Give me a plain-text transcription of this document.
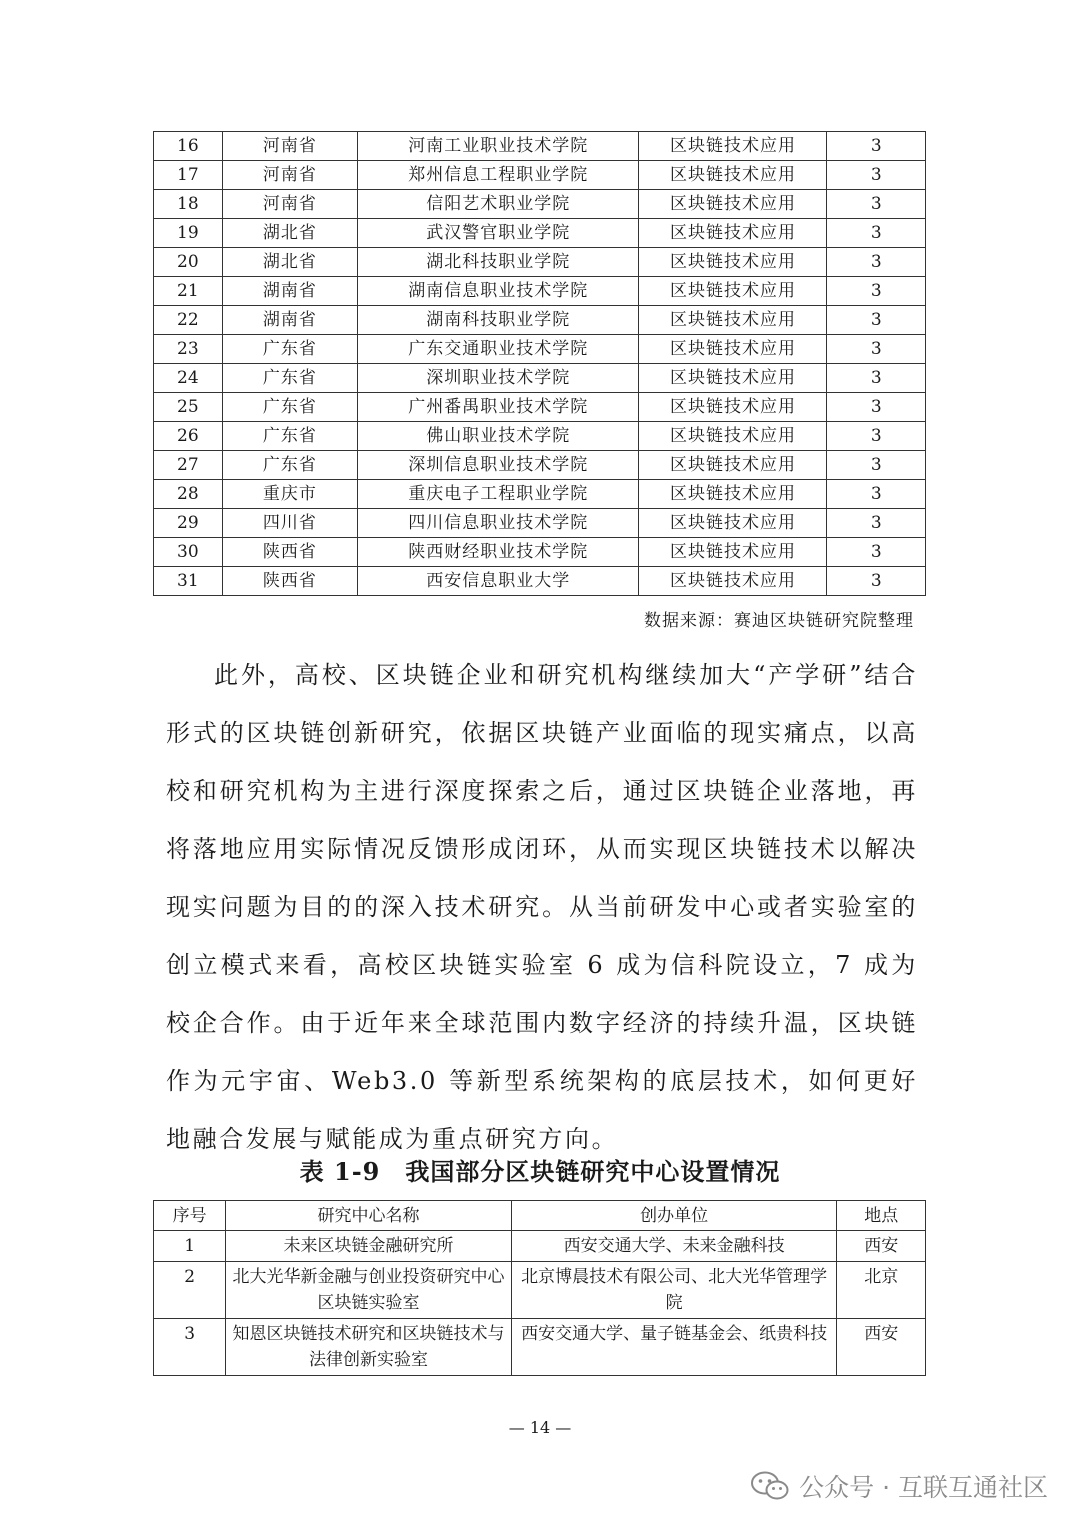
16	河南省	河南工业职业技术学院	区块链技术应用	3
17	河南省	郑州信息工程职业学院	区块链技术应用	3
18	河南省	信阳艺术职业学院	区块链技术应用	3
19	湖北省	武汉警官职业学院	区块链技术应用	3
20	湖北省	湖北科技职业学院	区块链技术应用	3
21	湖南省	湖南信息职业技术学院	区块链技术应用	3
22	湖南省	湖南科技职业学院	区块链技术应用	3
23	广东省	广东交通职业技术学院	区块链技术应用	3
24	广东省	深圳职业技术学院	区块链技术应用	3
25	广东省	广州番禺职业技术学院	区块链技术应用	3
26	广东省	佛山职业技术学院	区块链技术应用	3
27	广东省	深圳信息职业技术学院	区块链技术应用	3
28	重庆市	重庆电子工程职业学院	区块链技术应用	3
29	四川省	四川信息职业技术学院	区块链技术应用	3
30	陕西省	陕西财经职业技术学院	区块链技术应用	3
31	陕西省	西安信息职业大学	区块链技术应用	3
数据来源：赛迪区块链研究院整理

此外，高校、区块链企业和研究机构继续加大“产学研”结合形式的区块链创新研究，依据区块链产业面临的现实痛点，以高校和研究机构为主进行深度探索之后，通过区块链企业落地，再将落地应用实际情况反馈形成闭环，从而实现区块链技术以解决现实问题为目的的深入技术研究。从当前研发中心或者实验室的创立模式来看，高校区块链实验室 6 成为信科院设立，7 成为校企合作。由于近年来全球范围内数字经济的持续升温，区块链作为元宇宙、Web3.0 等新型系统架构的底层技术，如何更好地融合发展与赋能成为重点研究方向。

表 1-9　我国部分区块链研究中心设置情况
序号	研究中心名称	创办单位	地点
1	未来区块链金融研究所	西安交通大学、未来金融科技	西安
2	北大光华新金融与创业投资研究中心区块链实验室	北京博晨技术有限公司、北大光华管理学院	北京
3	知恩区块链技术研究和区块链技术与法律创新实验室	西安交通大学、量子链基金会、纸贵科技	西安
— 14 —
公众号 · 互联互通社区
